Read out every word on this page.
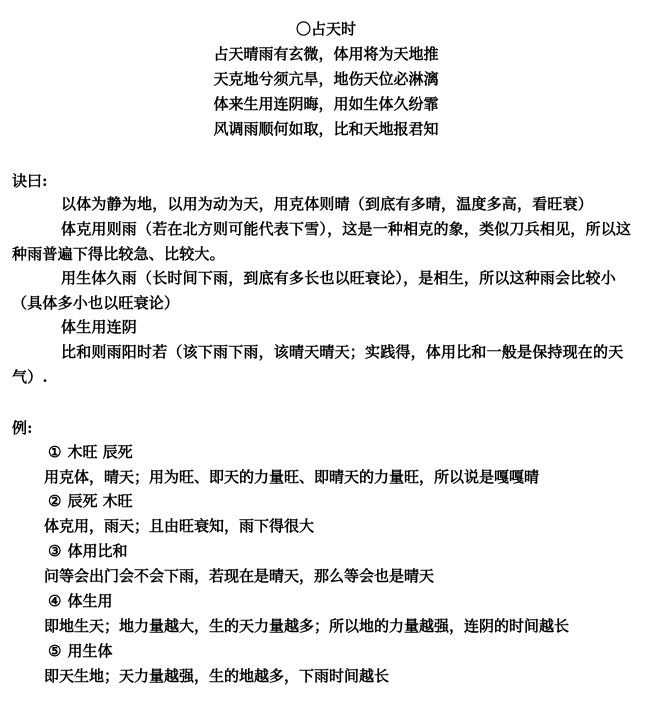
〇占天时
占天晴雨有玄微，体用将为天地推
天克地兮须亢旱，地伤天位必淋漓
体来生用连阴晦，用如生体久纷霏
风调雨顺何如取，比和天地报君知
诀曰:
以体为静为地，以用为动为天，用克体则晴（到底有多晴，温度多高，看旺衰）
体克用则雨（若在北方则可能代表下雪），这是一种相克的象，类似刀兵相见，所以这种雨普遍下得比较急、比较大。
用生体久雨（长时间下雨，到底有多长也以旺衰论），是相生，所以这种雨会比较小（具体多小也以旺衰论）
体生用连阴
比和则雨阳时若（该下雨下雨，该晴天晴天；实践得，体用比和一般是保持现在的天气）.
例:
① 木旺 辰死
用克体，晴天；用为旺、即天的力量旺、即晴天的力量旺，所以说是嘎嘎晴
② 辰死 木旺
体克用，雨天；且由旺衰知，雨下得很大
③ 体用比和
问等会出门会不会下雨，若现在是晴天，那么等会也是晴天
④ 体生用
即地生天；地力量越大，生的天力量越多；所以地的力量越强，连阴的时间越长
⑤ 用生体
即天生地；天力量越强，生的地越多，下雨时间越长
